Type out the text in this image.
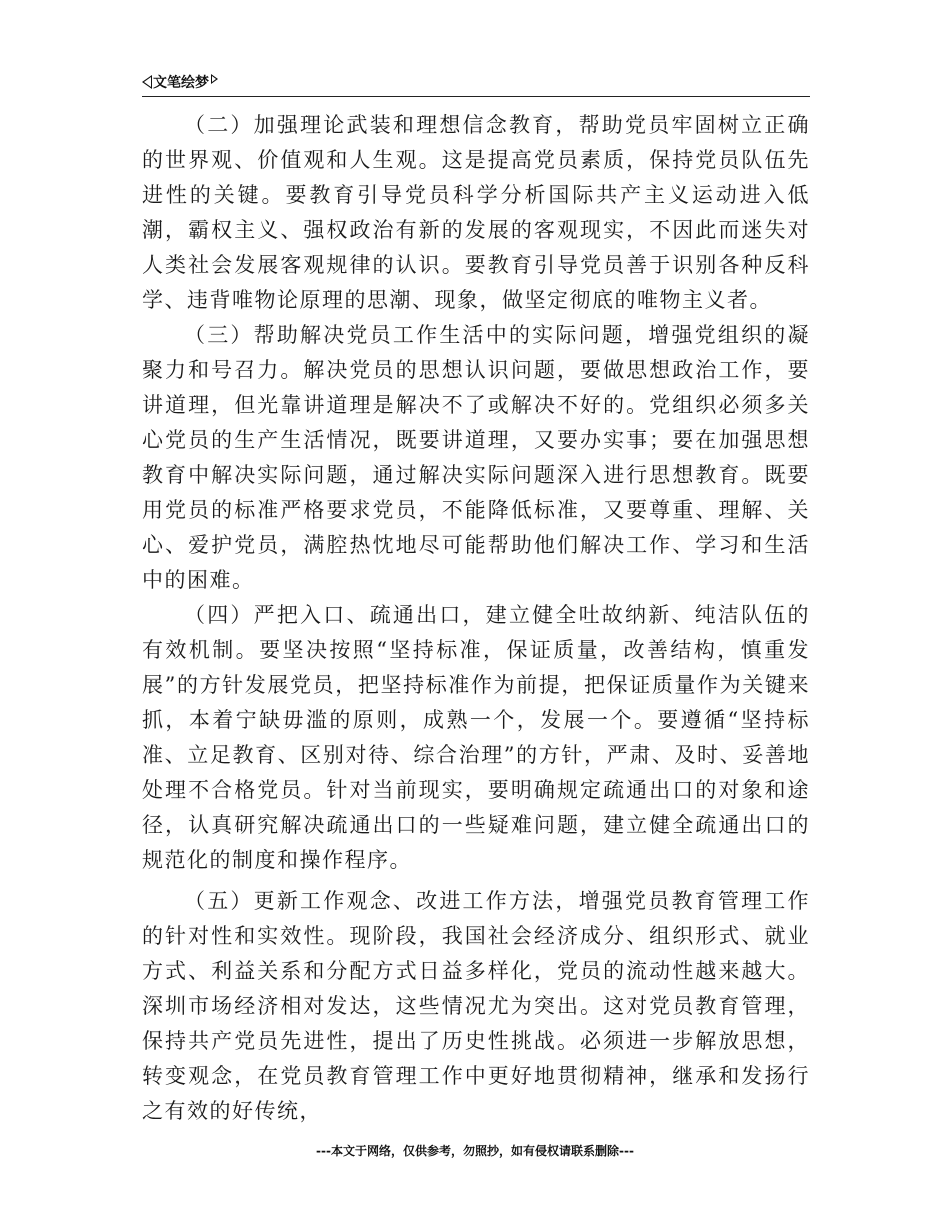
文笔绘梦

（二）加强理论武装和理想信念教育，帮助党员牢固树立正确的世界观、价值观和人生观。这是提高党员素质，保持党员队伍先进性的关键。要教育引导党员科学分析国际共产主义运动进入低潮，霸权主义、强权政治有新的发展的客观现实，不因此而迷失对人类社会发展客观规律的认识。要教育引导党员善于识别各种反科学、违背唯物论原理的思潮、现象，做坚定彻底的唯物主义者。

（三）帮助解决党员工作生活中的实际问题，增强党组织的凝聚力和号召力。解决党员的思想认识问题，要做思想政治工作，要讲道理，但光靠讲道理是解决不了或解决不好的。党组织必须多关心党员的生产生活情况，既要讲道理，又要办实事；要在加强思想教育中解决实际问题，通过解决实际问题深入进行思想教育。既要用党员的标准严格要求党员，不能降低标准，又要尊重、理解、关心、爱护党员，满腔热忱地尽可能帮助他们解决工作、学习和生活中的困难。

（四）严把入口、疏通出口，建立健全吐故纳新、纯洁队伍的有效机制。要坚决按照“坚持标准，保证质量，改善结构，慎重发展”的方针发展党员，把坚持标准作为前提，把保证质量作为关键来抓，本着宁缺毋滥的原则，成熟一个，发展一个。要遵循“坚持标准、立足教育、区别对待、综合治理”的方针，严肃、及时、妥善地处理不合格党员。针对当前现实，要明确规定疏通出口的对象和途径，认真研究解决疏通出口的一些疑难问题，建立健全疏通出口的规范化的制度和操作程序。

（五）更新工作观念、改进工作方法，增强党员教育管理工作的针对性和实效性。现阶段，我国社会经济成分、组织形式、就业方式、利益关系和分配方式日益多样化，党员的流动性越来越大。深圳市场经济相对发达，这些情况尤为突出。这对党员教育管理，保持共产党员先进性，提出了历史性挑战。必须进一步解放思想，转变观念，在党员教育管理工作中更好地贯彻精神，继承和发扬行之有效的好传统，

---本文于网络，仅供参考，勿照抄，如有侵权请联系删除---
